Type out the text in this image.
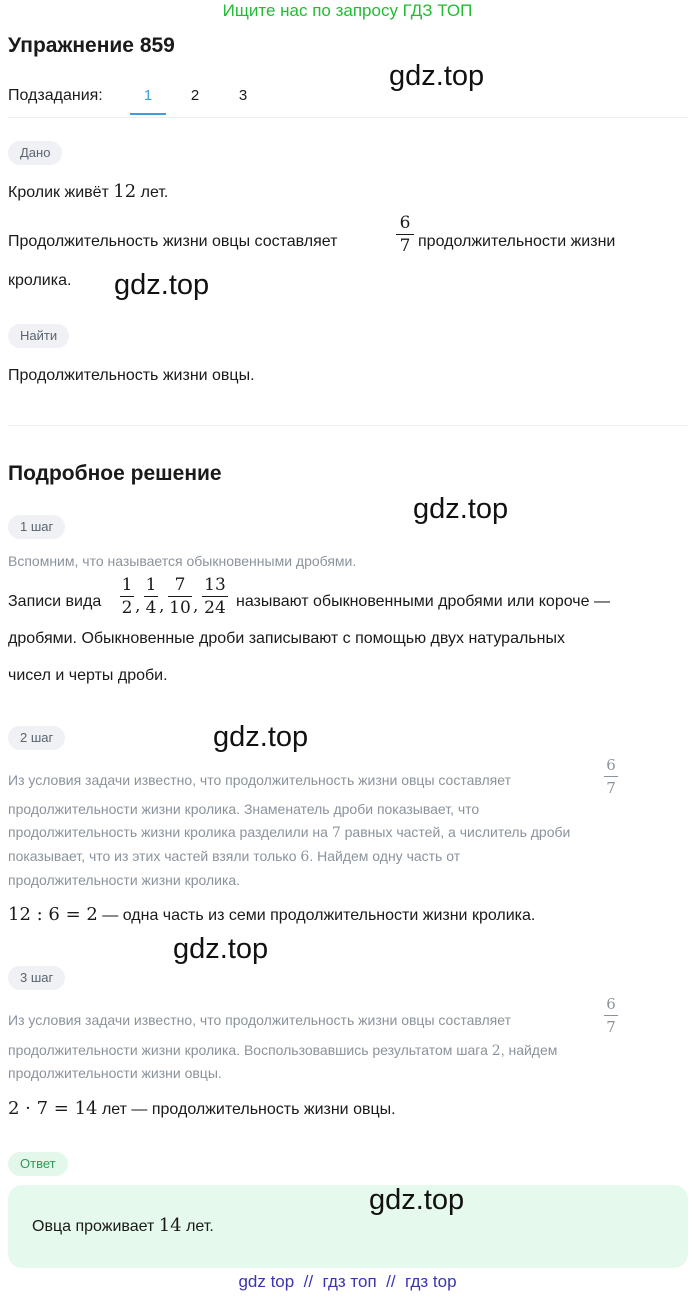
Ищите нас по запросу ГДЗ ТОП
Упражнение 859
Подзадания:	1	2	3
Дано
Кролик живёт 12 лет.
Продолжительность жизни овцы составляет
6
7 продолжительности жизни
кролика.
Найти
Продолжительность жизни овцы.
Подробное решение
1 шаг
Вспомним, что называется обыкновенными дробями.
Записи вида
1
2 ,
1
4 ,
7
10 ,
13
24 называют обыкновенными дробями или короче —
дробями. Обыкновенные дроби записывают с помощью двух натуральных
чисел и черты дроби.
2 шаг
Из условия задачи известно, что продолжительность жизни овцы составляет
6
7
продолжительности жизни кролика. Знаменатель дроби показывает, что
продолжительность жизни кролика разделили на 7 равных частей, а числитель дроби
показывает, что из этих частей взяли только 6. Найдем одну часть от
продолжительности жизни кролика.
12 : 6 = 2 — одна часть из семи продолжительности жизни кролика.
3 шаг
Из условия задачи известно, что продолжительность жизни овцы составляет
6
7
продолжительности жизни кролика. Воспользовавшись результатом шага 2, найдем
продолжительности жизни овцы.
2 · 7 = 14 лет — продолжительность жизни овцы.
Ответ
Овца проживает 14 лет.
gdz.top
gdz.top
gdz.top
gdz.top
gdz.top
gdz.top
gdz top  //  гдз топ  //  гдз top
